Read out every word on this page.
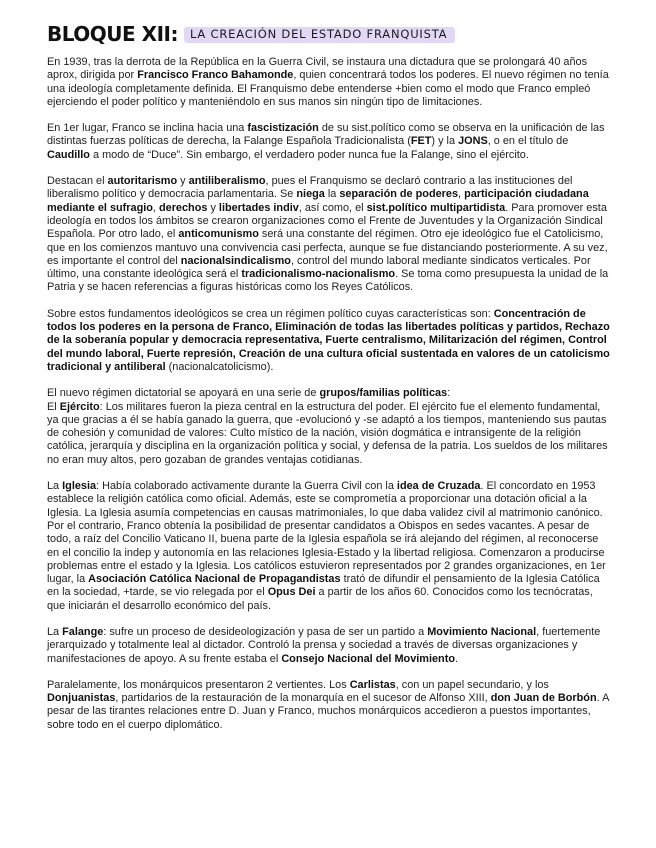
BLOQUE XII:	LA CREACIÓN DEL ESTADO FRANQUISTA

En 1939, tras la derrota de la República en la Guerra Civil, se instaura una dictadura que se prolongará 40 años aprox, dirigida por Francisco Franco Bahamonde, quien concentrará todos los poderes. El nuevo régimen no tenía una ideología completamente definida. El Franquismo debe entenderse +bien como el modo que Franco empleó ejerciendo el poder político y manteniéndolo en sus manos sin ningún tipo de limitaciones.

En 1er lugar, Franco se inclina hacia una fascistización de su sist.político como se observa en la unificación de las distintas fuerzas políticas de derecha, la Falange Española Tradicionalista (FET) y la JONS, o en el título de Caudillo a modo de “Duce”. Sin embargo, el verdadero poder nunca fue la Falange, sino el ejército.

Destacan el autoritarismo y antiliberalismo, pues el Franquismo se declaró contrario a las instituciones del liberalismo político y democracia parlamentaria. Se niega la separación de poderes, participación ciudadana mediante el sufragio, derechos y libertades indiv, así como, el sist.político multipartidista. Para promover esta ideología en todos los ámbitos se crearon organizaciones como el Frente de Juventudes y la Organización Sindical Española. Por otro lado, el anticomunismo será una constante del régimen. Otro eje ideológico fue el Catolicismo, que en los comienzos mantuvo una convivencia casi perfecta, aunque se fue distanciando posteriormente. A su vez, es importante el control del nacionalsindicalismo, control del mundo laboral mediante sindicatos verticales. Por último, una constante ideológica será el tradicionalismo-nacionalismo. Se toma como presupuesta la unidad de la Patria y se hacen referencias a figuras históricas como los Reyes Católicos.

Sobre estos fundamentos ideológicos se crea un régimen político cuyas características son: Concentración de todos los poderes en la persona de Franco, Eliminación de todas las libertades políticas y partidos, Rechazo de la soberanía popular y democracia representativa, Fuerte centralismo, Militarización del régimen, Control del mundo laboral, Fuerte represión, Creación de una cultura oficial sustentada en valores de un catolicismo tradicional y antiliberal (nacionalcatolicismo).

El nuevo régimen dictatorial se apoyará en una serie de grupos/familias políticas:
El Ejército: Los militares fueron la pieza central en la estructura del poder. El ejército fue el elemento fundamental, ya que gracias a él se había ganado la guerra, que -evolucionó y -se adaptó a los tiempos, manteniendo sus pautas de cohesión y comunidad de valores: Culto místico de la nación, visión dogmática e intransigente de la religión católica, jerarquía y disciplina en la organización política y social, y defensa de la patria. Los sueldos de los militares no eran muy altos, pero gozaban de grandes ventajas cotidianas.

La Iglesia: Había colaborado activamente durante la Guerra Civil con la idea de Cruzada. El concordato en 1953 establece la religión católica como oficial. Además, este se comprometía a proporcionar una dotación oficial a la Iglesia. La Iglesia asumía competencias en causas matrimoniales, lo que daba validez civil al matrimonio canónico. Por el contrario, Franco obtenía la posibilidad de presentar candidatos a Obispos en sedes vacantes. A pesar de todo, a raíz del Concilio Vaticano II, buena parte de la Iglesia española se irá alejando del régimen, al reconocerse en el concilio la indep y autonomía en las relaciones Iglesia-Estado y la libertad religiosa. Comenzaron a producirse problemas entre el estado y la Iglesia. Los católicos estuvieron representados por 2 grandes organizaciones, en 1er lugar, la Asociación Católica Nacional de Propagandistas trató de difundir el pensamiento de la Iglesia Católica en la sociedad, +tarde, se vio relegada por el Opus Dei a partir de los años 60. Conocidos como los tecnócratas, que iniciarán el desarrollo económico del país.

La Falange: sufre un proceso de desideologización y pasa de ser un partido a Movimiento Nacional, fuertemente jerarquizado y totalmente leal al dictador. Controló la prensa y sociedad a través de diversas organizaciones y manifestaciones de apoyo. A su frente estaba el Consejo Nacional del Movimiento.

Paralelamente, los monárquicos presentaron 2 vertientes. Los Carlistas, con un papel secundario, y los Donjuanistas, partidarios de la restauración de la monarquía en el sucesor de Alfonso XIII, don Juan de Borbón. A pesar de las tirantes relaciones entre D. Juan y Franco, muchos monárquicos accedieron a puestos importantes, sobre todo en el cuerpo diplomático.
